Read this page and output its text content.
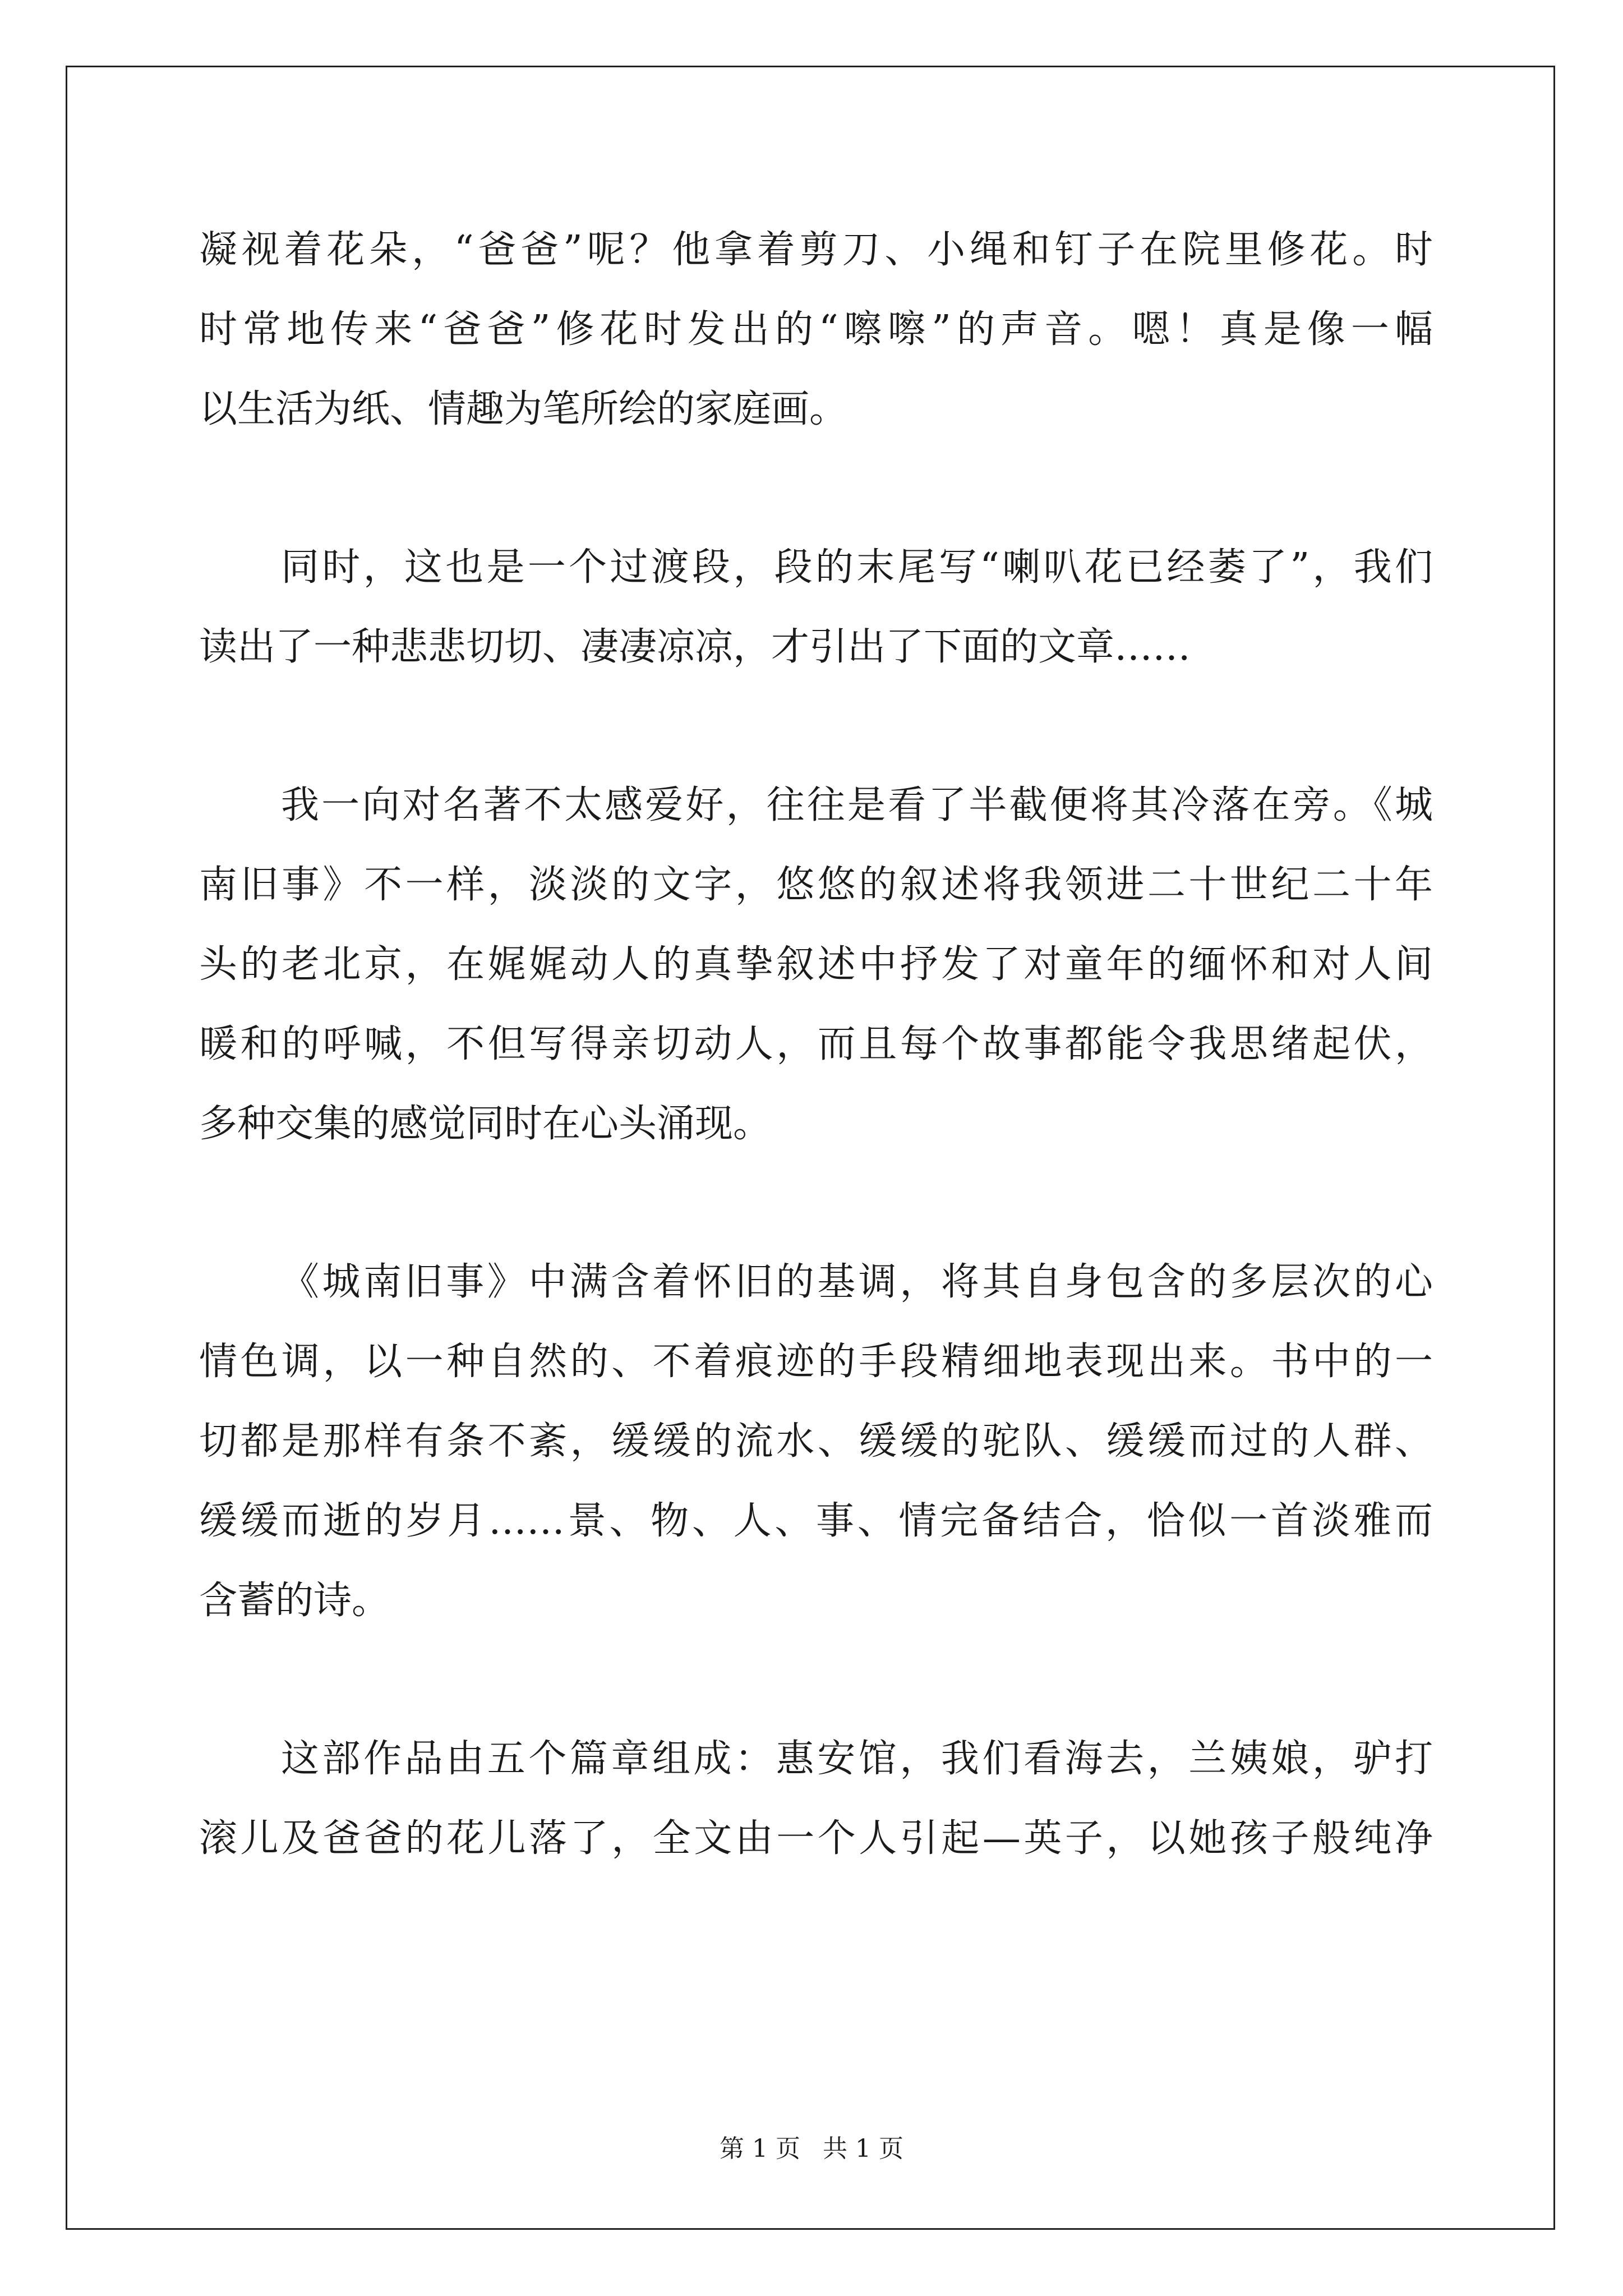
凝视着花朵，“爸爸”呢？他拿着剪刀、小绳和钉子在院里修花。时
时常地传来“爸爸”修花时发出的“嚓嚓”的声音。嗯！真是像一幅
以生活为纸、情趣为笔所绘的家庭画。
同时，这也是一个过渡段，段的末尾写“喇叭花已经萎了”，我们
读出了一种悲悲切切、凄凄凉凉，才引出了下面的文章……
我一向对名著不太感爱好，往往是看了半截便将其冷落在旁。《城
南旧事》不一样，淡淡的文字，悠悠的叙述将我领进二十世纪二十年
头的老北京，在娓娓动人的真挚叙述中抒发了对童年的缅怀和对人间
暖和的呼喊，不但写得亲切动人，而且每个故事都能令我思绪起伏，
多种交集的感觉同时在心头涌现。
《城南旧事》中满含着怀旧的基调，将其自身包含的多层次的心
情色调，以一种自然的、不着痕迹的手段精细地表现出来。书中的一
切都是那样有条不紊，缓缓的流水、缓缓的驼队、缓缓而过的人群、
缓缓而逝的岁月……景、物、人、事、情完备结合，恰似一首淡雅而
含蓄的诗。
这部作品由五个篇章组成：惠安馆，我们看海去，兰姨娘，驴打
滚儿及爸爸的花儿落了，全文由一个人引起—英子，以她孩子般纯净
第 1 页 共 1 页
